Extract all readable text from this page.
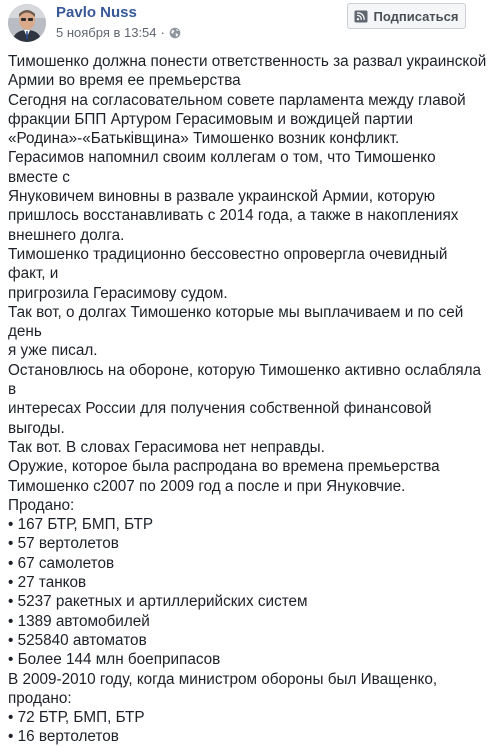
Pavlo Nuss
5 ноября в 13:54 ·
Подписаться

Тимошенко должна понести ответственность за развал украинской

Армии во время ее премьерства

Сегодня на согласовательном совете парламента между главой

фракции БПП Артуром Герасимовым и вождицей партии

«Родина»-«Батьківщина» Тимошенко возник конфликт.

Герасимов напомнил своим коллегам о том, что Тимошенко вместе с

Януковичем виновны в развале украинской Армии, которую

пришлось восстанавливать с 2014 года, а также в накоплениях

внешнего долга.

Тимошенко традиционно бессовестно опровергла очевидный факт, и

пригрозила Герасимову судом.

Так вот, о долгах Тимошенко которые мы выплачиваем и по сей день

я уже писал.

Остановлюсь на обороне, которую Тимошенко активно ослабляла в

интересах России для получения собственной финансовой выгоды.

Так вот. В словах Герасимова нет неправды.

Оружие, которое была распродана во времена премьерства

Тимошенко с2007 по 2009 год а после и при Януковчие.

Продано:

• 167 БТР, БМП, БТР

• 57 вертолетов

• 67 самолетов

• 27 танков

• 5237 ракетных и артиллерийских систем

• 1389 автомобилей

• 525840 автоматов

• Более 144 млн боеприпасов

В 2009-2010 году, когда министром обороны был Иващенко,

продано:

• 72 БТР, БМП, БТР

• 16 вертолетов
